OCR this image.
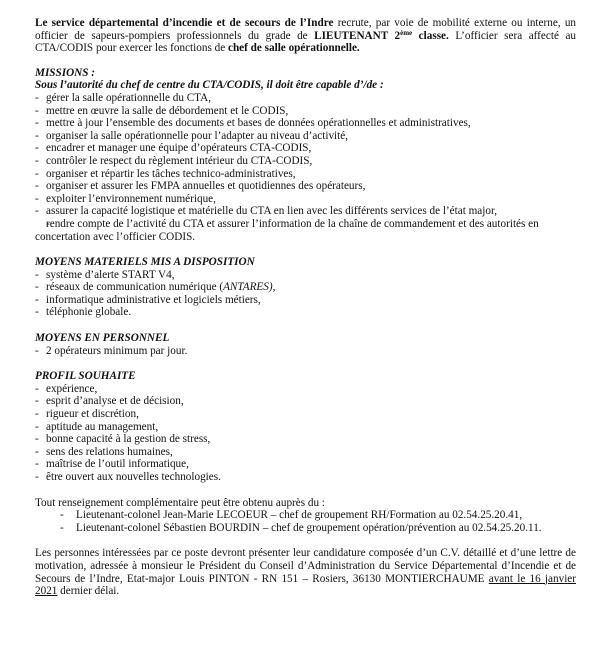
Le service départemental d’incendie et de secours de l’Indre recrute, par voie de mobilité externe ou interne, un officier de sapeurs-pompiers professionnels du grade de LIEUTENANT 2ème classe. L’officier sera affecté au CTA/CODIS pour exercer les fonctions de chef de salle opérationnelle.

MISSIONS :

Sous l’autorité du chef de centre du CTA/CODIS, il doit être capable d’/de :

- gérer la salle opérationnelle du CTA,
- mettre en œuvre la salle de débordement et le CODIS,
- mettre à jour l’ensemble des documents et bases de données opérationnelles et administratives,
- organiser la salle opérationnelle pour l’adapter au niveau d’activité,
- encadrer et manager une équipe d’opérateurs CTA-CODIS,
- contrôler le respect du règlement intérieur du CTA-CODIS,
- organiser et répartir les tâches technico-administratives,
- organiser et assurer les FMPA annuelles et quotidiennes des opérateurs,
- exploiter l’environnement numérique,
- assurer la capacité logistique et matérielle du CTA en lien avec les différents services de l’état major,
- rendre compte de l’activité du CTA et assurer l’information de la chaîne de commandement et des autorités en concertation avec l’officier CODIS.

MOYENS MATERIELS MIS A DISPOSITION

- système d’alerte START V4,
- réseaux de communication numérique (ANTARES),
- informatique administrative et logiciels métiers,
- téléphonie globale.

MOYENS EN PERSONNEL

- 2 opérateurs minimum par jour.

PROFIL SOUHAITE

- expérience,
- esprit d’analyse et de décision,
- rigueur et discrétion,
- aptitude au management,
- bonne capacité à la gestion de stress,
- sens des relations humaines,
- maîtrise de l’outil informatique,
- être ouvert aux nouvelles technologies.

Tout renseignement complémentaire peut être obtenu auprès du :

- Lieutenant-colonel Jean-Marie LECOEUR – chef de groupement RH/Formation au 02.54.25.20.41,
- Lieutenant-colonel Sébastien BOURDIN – chef de groupement opération/prévention au 02.54.25.20.11.

Les personnes intéressées par ce poste devront présenter leur candidature composée d’un C.V. détaillé et d’une lettre de motivation, adressée à monsieur le Président du Conseil d’Administration du Service Départemental d’Incendie et de Secours de l’Indre, Etat-major Louis PINTON - RN 151 – Rosiers, 36130 MONTIERCHAUME avant le 16 janvier 2021 dernier délai.
